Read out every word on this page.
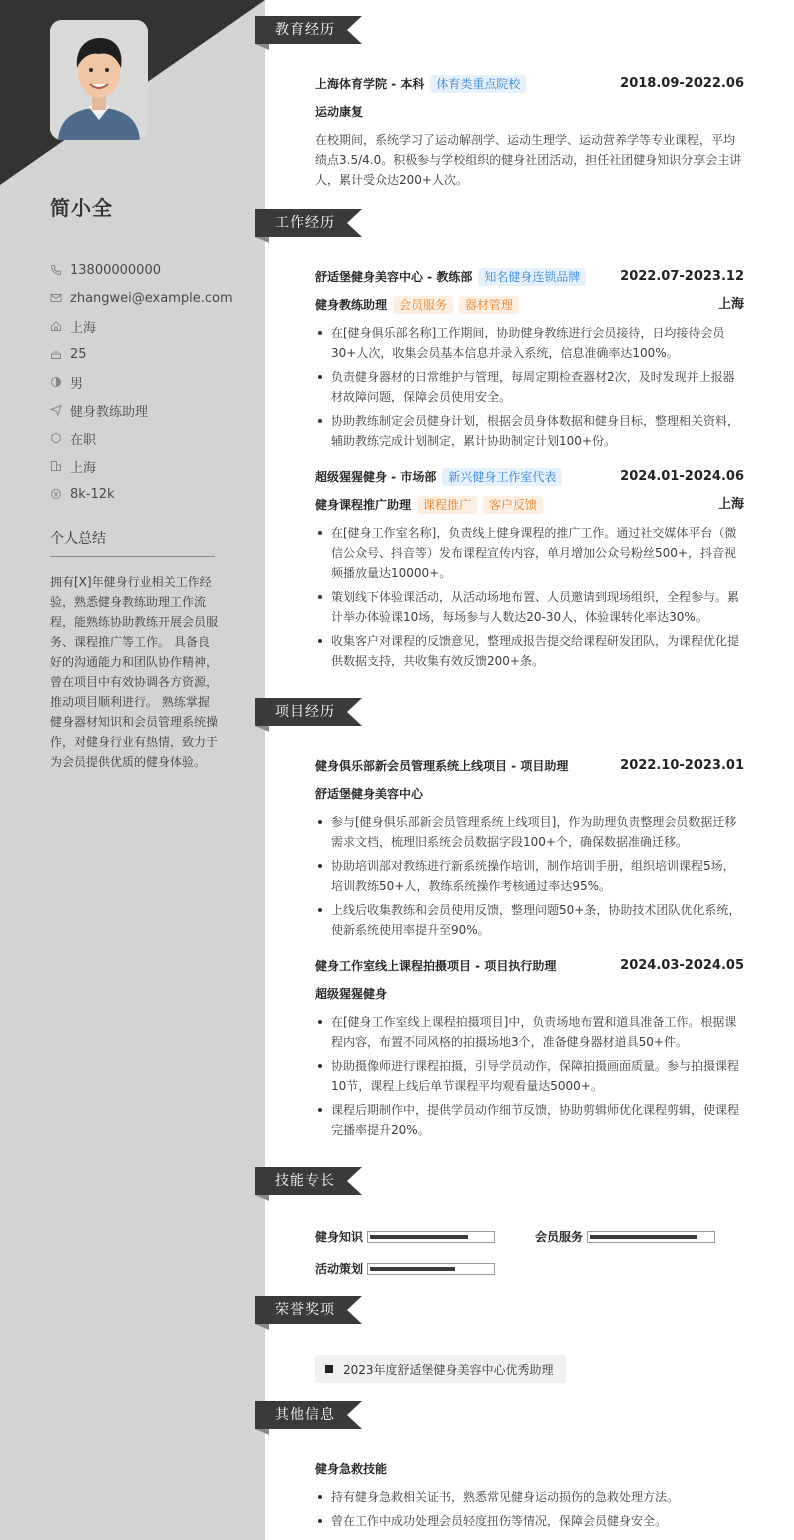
简小全
13800000000
zhangwei@example.com
上海
25
男
健身教练助理
在职
上海
8k-12k
个人总结
拥有[X]年健身行业相关工作经验，熟悉健身教练助理工作流程，能熟练协助教练开展会员服务、课程推广等工作。 具备良好的沟通能力和团队协作精神，曾在项目中有效协调各方资源，推动项目顺利进行。 熟练掌握健身器材知识和会员管理系统操作，对健身行业有热情，致力于为会员提供优质的健身体验。
教育经历
上海体育学院 - 本科 体育类重点院校	2018.09-2022.06
运动康复
在校期间，系统学习了运动解剖学、运动生理学、运动营养学等专业课程，平均绩点3.5/4.0。积极参与学校组织的健身社团活动，担任社团健身知识分享会主讲人，累计受众达200+人次。
工作经历
舒适堡健身美容中心 - 教练部 知名健身连锁品牌	2022.07-2023.12
健身教练助理 会员服务 器材管理	上海
在[健身俱乐部名称]工作期间，协助健身教练进行会员接待，日均接待会员30+人次，收集会员基本信息并录入系统，信息准确率达100%。
负责健身器材的日常维护与管理，每周定期检查器材2次，及时发现并上报器材故障问题，保障会员使用安全。
协助教练制定会员健身计划，根据会员身体数据和健身目标，整理相关资料，辅助教练完成计划制定，累计协助制定计划100+份。
超级猩猩健身 - 市场部 新兴健身工作室代表	2024.01-2024.06
健身课程推广助理 课程推广 客户反馈	上海
在[健身工作室名称]，负责线上健身课程的推广工作。通过社交媒体平台（微信公众号、抖音等）发布课程宣传内容，单月增加公众号粉丝500+，抖音视频播放量达10000+。
策划线下体验课活动，从活动场地布置、人员邀请到现场组织，全程参与。累计举办体验课10场，每场参与人数达20-30人，体验课转化率达30%。
收集客户对课程的反馈意见，整理成报告提交给课程研发团队，为课程优化提供数据支持，共收集有效反馈200+条。
项目经历
健身俱乐部新会员管理系统上线项目 - 项目助理	2022.10-2023.01
舒适堡健身美容中心
参与[健身俱乐部新会员管理系统上线项目]，作为助理负责整理会员数据迁移需求文档，梳理旧系统会员数据字段100+个，确保数据准确迁移。
协助培训部对教练进行新系统操作培训，制作培训手册，组织培训课程5场，培训教练50+人，教练系统操作考核通过率达95%。
上线后收集教练和会员使用反馈，整理问题50+条，协助技术团队优化系统，使新系统使用率提升至90%。
健身工作室线上课程拍摄项目 - 项目执行助理	2024.03-2024.05
超级猩猩健身
在[健身工作室线上课程拍摄项目]中，负责场地布置和道具准备工作。根据课程内容，布置不同风格的拍摄场地3个，准备健身器材道具50+件。
协助摄像师进行课程拍摄，引导学员动作，保障拍摄画面质量。参与拍摄课程10节，课程上线后单节课程平均观看量达5000+。
课程后期制作中，提供学员动作细节反馈，协助剪辑师优化课程剪辑，使课程完播率提升20%。
技能专长
健身知识	会员服务
活动策划
荣誉奖项
2023年度舒适堡健身美容中心优秀助理
其他信息
健身急救技能
持有健身急救相关证书，熟悉常见健身运动损伤的急救处理方法。
曾在工作中成功处理会员轻度扭伤等情况，保障会员健身安全。
